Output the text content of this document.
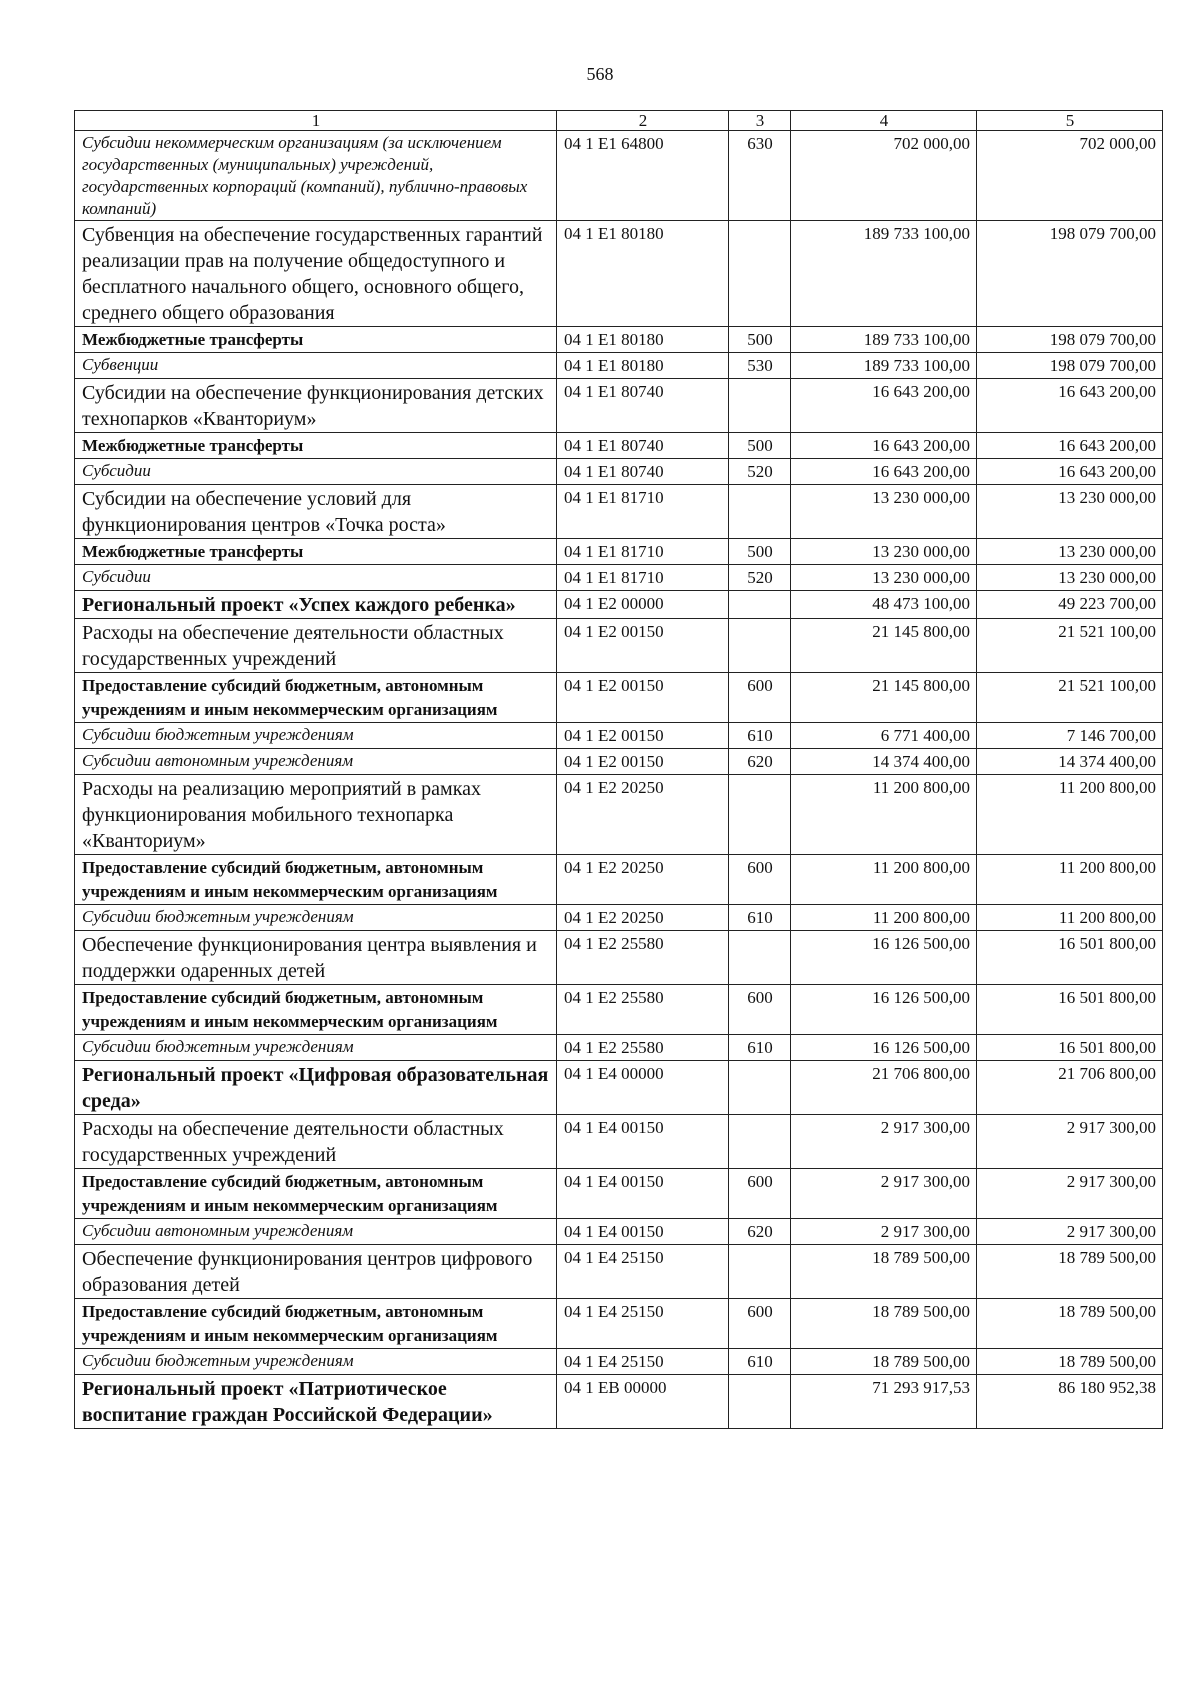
568
1	2	3	4	5
Субсидии некоммерческим организациям (за исключением государственных (муниципальных) учреждений, государственных корпораций (компаний), публично-правовых компаний)	04 1 E1 64800	630	702 000,00	702 000,00
Субвенция на обеспечение государственных гарантий реализации прав на получение общедоступного и бесплатного начального общего, основного общего, среднего общего образования	04 1 E1 80180		189 733 100,00	198 079 700,00
Межбюджетные трансферты	04 1 E1 80180	500	189 733 100,00	198 079 700,00
Субвенции	04 1 E1 80180	530	189 733 100,00	198 079 700,00
Субсидии на обеспечение функционирования детских технопарков «Кванториум»	04 1 E1 80740		16 643 200,00	16 643 200,00
Межбюджетные трансферты	04 1 E1 80740	500	16 643 200,00	16 643 200,00
Субсидии	04 1 E1 80740	520	16 643 200,00	16 643 200,00
Субсидии на обеспечение условий для функционирования центров «Точка роста»	04 1 E1 81710		13 230 000,00	13 230 000,00
Межбюджетные трансферты	04 1 E1 81710	500	13 230 000,00	13 230 000,00
Субсидии	04 1 E1 81710	520	13 230 000,00	13 230 000,00
Региональный проект «Успех каждого ребенка»	04 1 E2 00000		48 473 100,00	49 223 700,00
Расходы на обеспечение деятельности областных государственных учреждений	04 1 E2 00150		21 145 800,00	21 521 100,00
Предоставление субсидий бюджетным, автономным учреждениям и иным некоммерческим организациям	04 1 E2 00150	600	21 145 800,00	21 521 100,00
Субсидии бюджетным учреждениям	04 1 E2 00150	610	6 771 400,00	7 146 700,00
Субсидии автономным учреждениям	04 1 E2 00150	620	14 374 400,00	14 374 400,00
Расходы на реализацию мероприятий в рамках функционирования мобильного технопарка «Кванториум»	04 1 E2 20250		11 200 800,00	11 200 800,00
Предоставление субсидий бюджетным, автономным учреждениям и иным некоммерческим организациям	04 1 E2 20250	600	11 200 800,00	11 200 800,00
Субсидии бюджетным учреждениям	04 1 E2 20250	610	11 200 800,00	11 200 800,00
Обеспечение функционирования центра выявления и поддержки одаренных детей	04 1 E2 25580		16 126 500,00	16 501 800,00
Предоставление субсидий бюджетным, автономным учреждениям и иным некоммерческим организациям	04 1 E2 25580	600	16 126 500,00	16 501 800,00
Субсидии бюджетным учреждениям	04 1 E2 25580	610	16 126 500,00	16 501 800,00
Региональный проект «Цифровая образовательная среда»	04 1 E4 00000		21 706 800,00	21 706 800,00
Расходы на обеспечение деятельности областных государственных учреждений	04 1 E4 00150		2 917 300,00	2 917 300,00
Предоставление субсидий бюджетным, автономным учреждениям и иным некоммерческим организациям	04 1 E4 00150	600	2 917 300,00	2 917 300,00
Субсидии автономным учреждениям	04 1 E4 00150	620	2 917 300,00	2 917 300,00
Обеспечение функционирования центров цифрового образования детей	04 1 E4 25150		18 789 500,00	18 789 500,00
Предоставление субсидий бюджетным, автономным учреждениям и иным некоммерческим организациям	04 1 E4 25150	600	18 789 500,00	18 789 500,00
Субсидии бюджетным учреждениям	04 1 E4 25150	610	18 789 500,00	18 789 500,00
Региональный проект «Патриотическое воспитание граждан Российской Федерации»	04 1 EB 00000		71 293 917,53	86 180 952,38
